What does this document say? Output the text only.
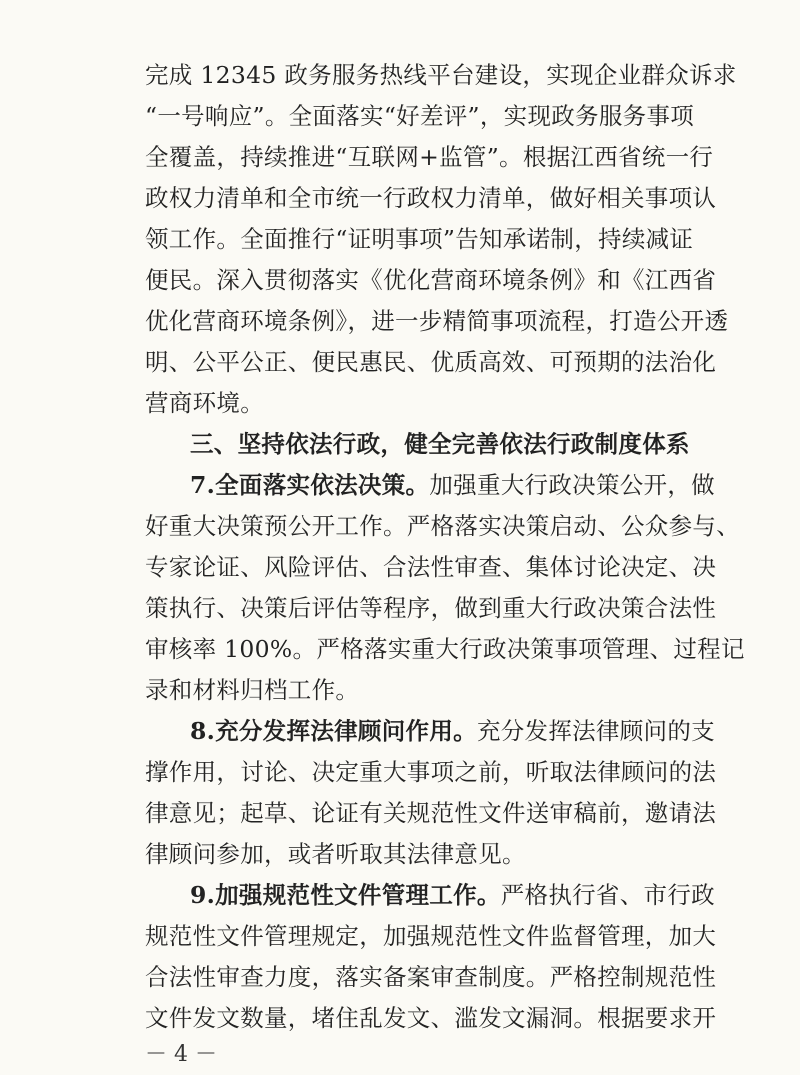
完成 12345 政务服务热线平台建设，实现企业群众诉求
“一号响应”。全面落实“好差评”，实现政务服务事项
全覆盖，持续推进“互联网+监管”。根据江西省统一行
政权力清单和全市统一行政权力清单，做好相关事项认
领工作。全面推行“证明事项”告知承诺制，持续减证
便民。深入贯彻落实《优化营商环境条例》和《江西省
优化营商环境条例》，进一步精简事项流程，打造公开透
明、公平公正、便民惠民、优质高效、可预期的法治化
营商环境。
三、坚持依法行政，健全完善依法行政制度体系
7.全面落实依法决策。加强重大行政决策公开，做
好重大决策预公开工作。严格落实决策启动、公众参与、
专家论证、风险评估、合法性审查、集体讨论决定、决
策执行、决策后评估等程序，做到重大行政决策合法性
审核率 100%。严格落实重大行政决策事项管理、过程记
录和材料归档工作。
8.充分发挥法律顾问作用。充分发挥法律顾问的支
撑作用，讨论、决定重大事项之前，听取法律顾问的法
律意见；起草、论证有关规范性文件送审稿前，邀请法
律顾问参加，或者听取其法律意见。
9.加强规范性文件管理工作。严格执行省、市行政
规范性文件管理规定，加强规范性文件监督管理，加大
合法性审查力度，落实备案审查制度。严格控制规范性
文件发文数量，堵住乱发文、滥发文漏洞。根据要求开
－ 4 －
